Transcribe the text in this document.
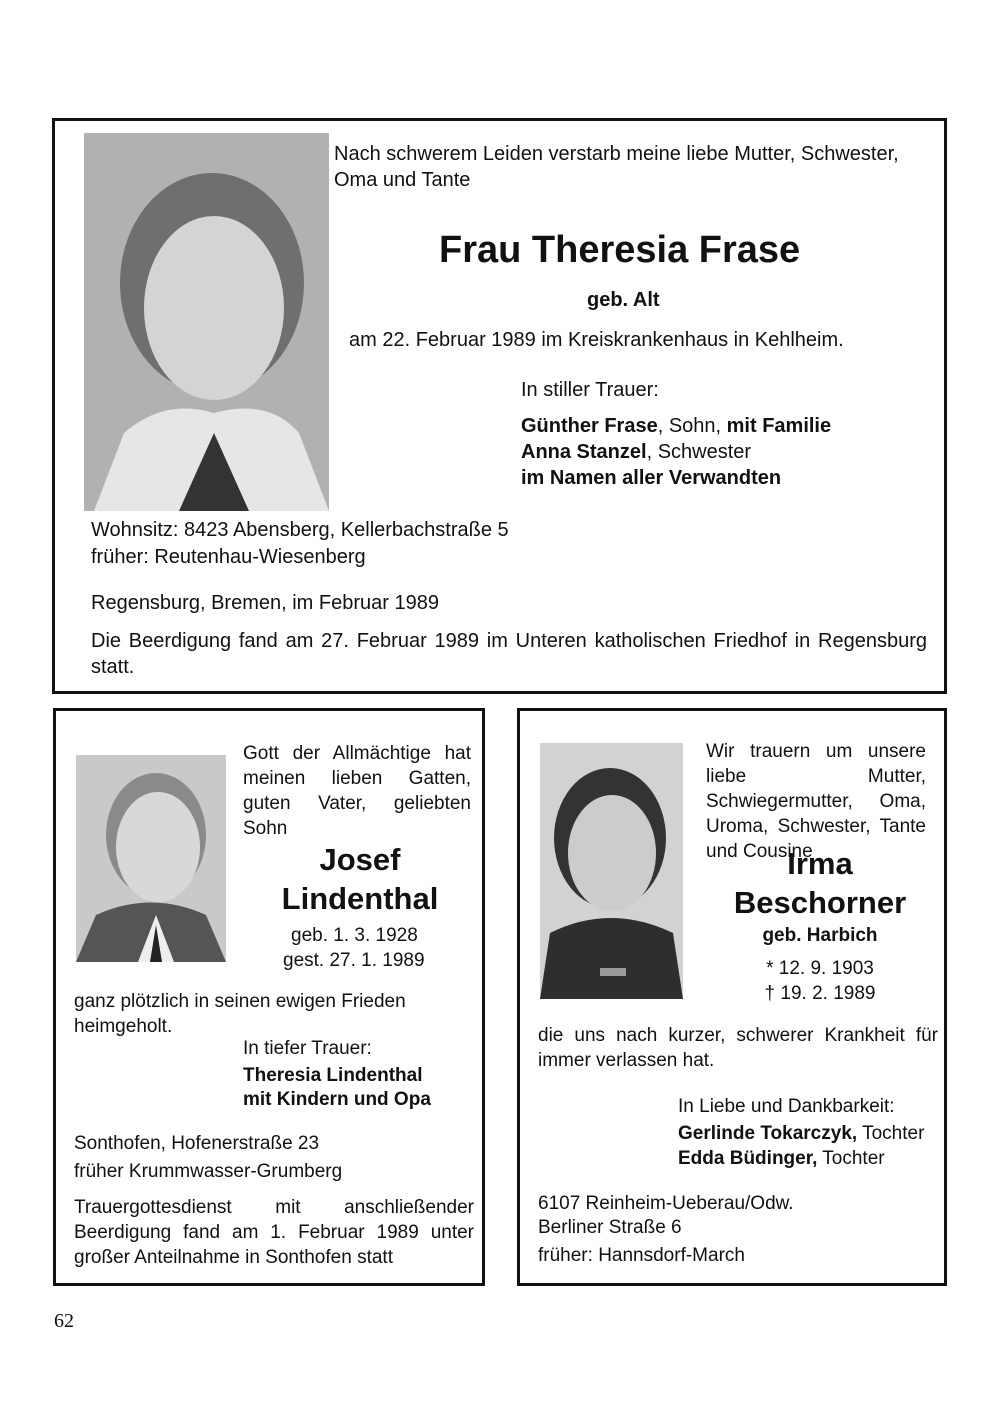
Nach schwerem Leiden verstarb meine liebe Mutter, Schwester, Oma und Tante

Frau Theresia Frase
geb. Alt
am 22. Februar 1989 im Kreiskrankenhaus in Kehlheim.
In stiller Trauer:
Günther Frase, Sohn, mit Familie
Anna Stanzel, Schwester
im Namen aller Verwandten
Wohnsitz: 8423 Abensberg, Kellerbachstraße 5
früher: Reutenhau-Wiesenberg
Regensburg, Bremen, im Februar 1989

Die Beerdigung fand am 27. Februar 1989 im Unteren katholischen Friedhof in Regensburg statt.

Gott der Allmächtige hat meinen lieben Gatten, guten Vater, geliebten Sohn

Josef
Lindenthal
geb. 1. 3. 1928
gest. 27. 1. 1989

ganz plötzlich in seinen ewigen Frieden heimgeholt.

In tiefer Trauer:
Theresia Lindenthal
mit Kindern und Opa
Sonthofen, Hofenerstraße 23
früher Krummwasser-Grumberg

Trauergottesdienst mit anschließender Beerdigung fand am 1. Februar 1989 unter großer Anteilnahme in Sonthofen statt

Wir trauern um unsere liebe Mutter, Schwiegermutter, Oma, Uroma, Schwester, Tante und Cousine

Irma
Beschorner
geb. Harbich
* 12. 9. 1903
† 19. 2. 1989

die uns nach kurzer, schwerer Krankheit für immer verlassen hat.

In Liebe und Dankbarkeit:
Gerlinde Tokarczyk, Tochter
Edda Büdinger, Tochter
6107 Reinheim-Ueberau/Odw.
Berliner Straße 6
früher: Hannsdorf-March
62
